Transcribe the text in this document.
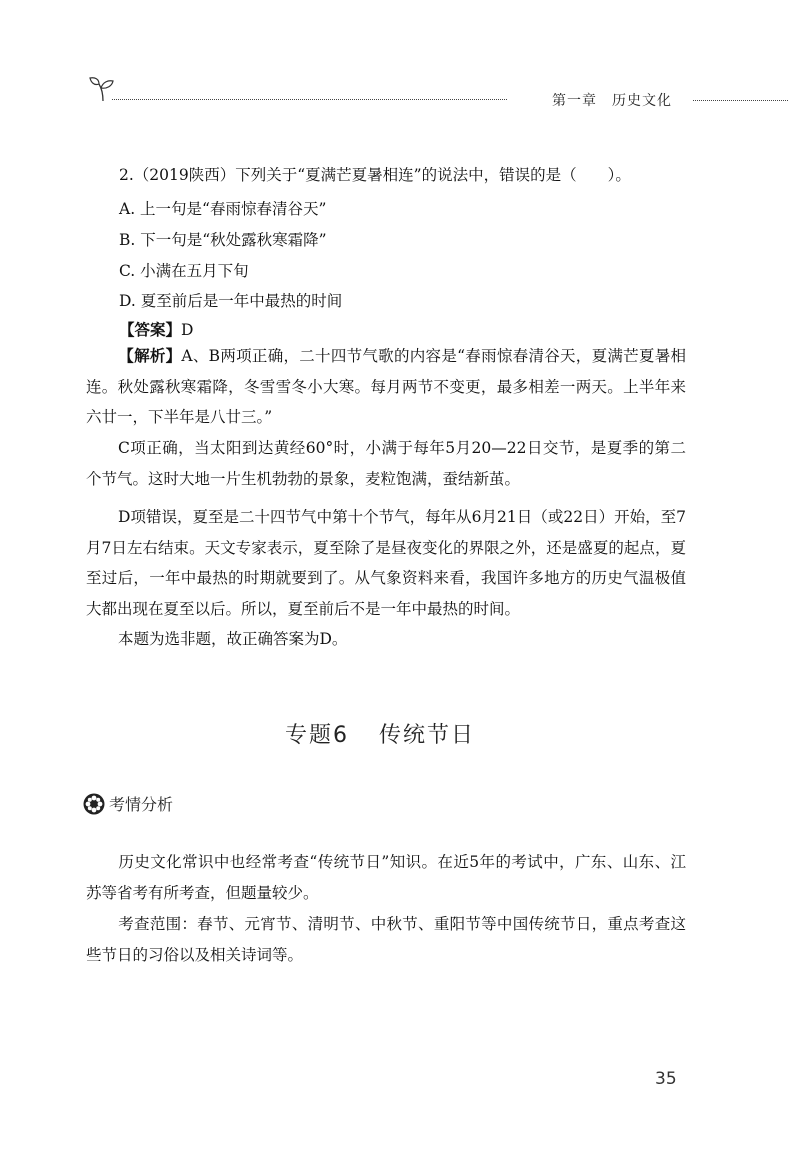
第一章　历史文化
2.（2019陕西）下列关于“夏满芒夏暑相连”的说法中，错误的是（　　）。
A. 上一句是“春雨惊春清谷天”
B. 下一句是“秋处露秋寒霜降”
C. 小满在五月下旬
D. 夏至前后是一年中最热的时间
【答案】D
【解析】A、B两项正确，二十四节气歌的内容是“春雨惊春清谷天，夏满芒夏暑相连。秋处露秋寒霜降，冬雪雪冬小大寒。每月两节不变更，最多相差一两天。上半年来六廿一，下半年是八廿三。”
C项正确，当太阳到达黄经60°时，小满于每年5月20—22日交节，是夏季的第二个节气。这时大地一片生机勃勃的景象，麦粒饱满，蚕结新茧。
D项错误，夏至是二十四节气中第十个节气，每年从6月21日（或22日）开始，至7月7日左右结束。天文专家表示，夏至除了是昼夜变化的界限之外，还是盛夏的起点，夏至过后，一年中最热的时期就要到了。从气象资料来看，我国许多地方的历史气温极值大都出现在夏至以后。所以，夏至前后不是一年中最热的时间。
本题为选非题，故正确答案为D。
专题6 传统节日
考情分析
历史文化常识中也经常考查“传统节日”知识。在近5年的考试中，广东、山东、江苏等省考有所考查，但题量较少。
考查范围：春节、元宵节、清明节、中秋节、重阳节等中国传统节日，重点考查这些节日的习俗以及相关诗词等。
35
